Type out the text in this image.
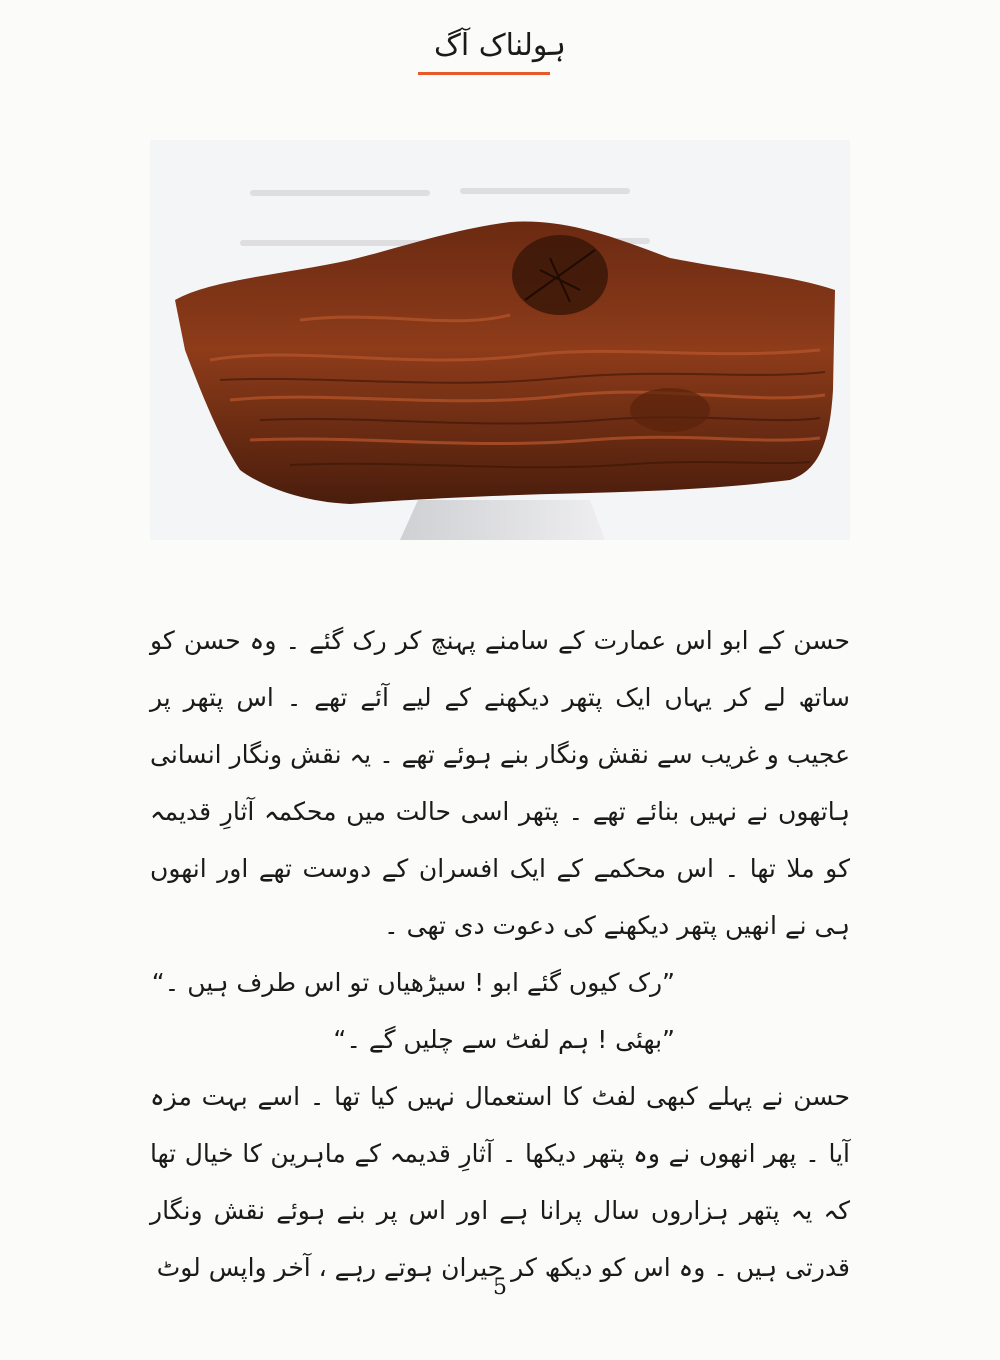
ہولناک آگ

حسن کے ابو اس عمارت کے سامنے پہنچ کر رک گئے ۔ وہ حسن کو ساتھ لے کر یہاں ایک پتھر دیکھنے کے لیے آئے تھے ۔ اس پتھر پر عجیب و غریب سے نقش ونگار بنے ہوئے تھے ۔ یہ نقش ونگار انسانی ہاتھوں نے نہیں بنائے تھے ۔ پتھر اسی حالت میں محکمہ آثارِ قدیمہ کو ملا تھا ۔ اس محکمے کے ایک افسران کے دوست تھے اور انھوں ہی نے انھیں پتھر دیکھنے کی دعوت دی تھی ۔

”رک کیوں گئے ابو ! سیڑھیاں تو اس طرف ہیں ۔“

”بھئی ! ہم لفٹ سے چلیں گے ۔“

حسن نے پہلے کبھی لفٹ کا استعمال نہیں کیا تھا ۔ اسے بہت مزہ آیا ۔ پھر انھوں نے وہ پتھر دیکھا ۔ آثارِ قدیمہ کے ماہرین کا خیال تھا کہ یہ پتھر ہزاروں سال پرانا ہے اور اس پر بنے ہوئے نقش ونگار قدرتی ہیں ۔ وہ اس کو دیکھ کر حیران ہوتے رہے ، آخر واپس لوٹ

5
